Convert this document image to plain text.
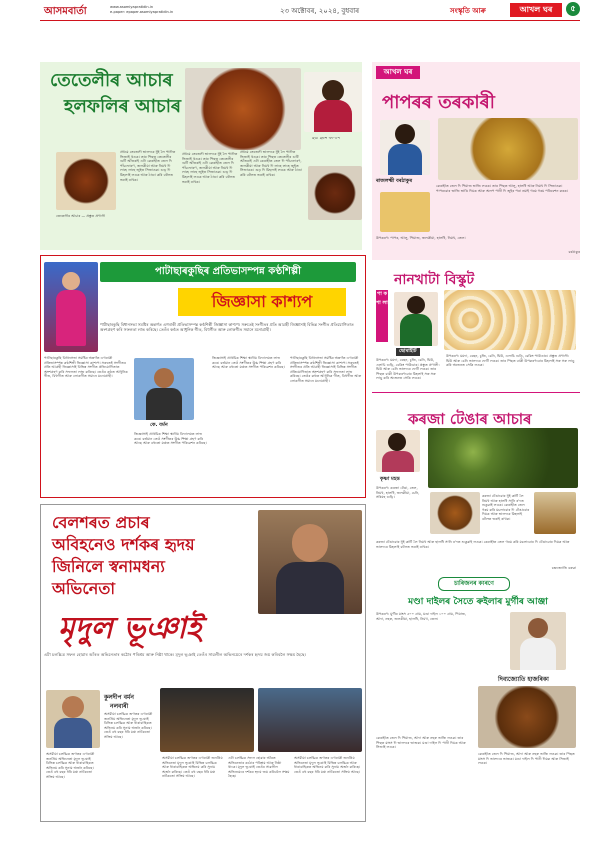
আসমবাৰ্তা	www.asomiyapratidin.in
e-paper: epaper.asomiyapratidin.in	২৩ অক্টোবৰ, ২০২৪, বুধবাৰ	সংস্কৃতি আৰু	আখল ঘৰ	৫
তেতেলীৰ আচাৰ
হলফলিৰ আচাৰ
ইয়া ইমন কাশ্যপ
তেতেলীৰ আচাৰ — প্ৰস্তুত প্ৰণালী
প্ৰথমে তেতেলী ভালদৰে ধুই লৈ পানীত ভিজাই থওক। তাৰ পিছত তেতেলীৰ গুটি আঁতৰাই এটা কেৰাহীত তেল দি পাঁচফোৰণ, জলকীয়া আৰু নিমখ দি লাহে লাহে জুইত সিজাওক। গুড় দি মিহলাই লওক আৰু ঠাণ্ডা কৰি বটলত ভৰাই ৰাখক।
প্ৰথমে তেতেলী ভালদৰে ধুই লৈ পানীত ভিজাই থওক। তাৰ পিছত তেতেলীৰ গুটি আঁতৰাই এটা কেৰাহীত তেল দি পাঁচফোৰণ, জলকীয়া আৰু নিমখ দি লাহে লাহে জুইত সিজাওক। গুড় দি মিহলাই লওক আৰু ঠাণ্ডা কৰি বটলত ভৰাই ৰাখক।
প্ৰথমে তেতেলী ভালদৰে ধুই লৈ পানীত ভিজাই থওক। তাৰ পিছত তেতেলীৰ গুটি আঁতৰাই এটা কেৰাহীত তেল দি পাঁচফোৰণ, জলকীয়া আৰু নিমখ দি লাহে লাহে জুইত সিজাওক। গুড় দি মিহলাই লওক আৰু ঠাণ্ডা কৰি বটলত ভৰাই ৰাখক।
আখল ঘৰ
পাপৰৰ তৰকাৰী
ৰাজলক্ষ্মী বৰঠাকুৰ
উপকৰণ: পাপৰ, আলু, পিঁয়াজ, জলকীয়া, হালধি, নিমখ, তেল।
কেৰাহীত তেল দি পিঁয়াজ ভাজি লওক। তাৰ পিছত আলু, হালধি আৰু নিমখ দি সিজাওক। পাপৰবোৰ ভাজি ভাঙি দিয়ক আৰু অলপ পানী দি জুইৰ পৰা নমাই গৰম গৰম পৰিবেশন কৰক।
বৰঠাকুৰ
পাটাছাৰকুছিৰ প্ৰতিভাসম্পন্ন কণ্ঠশিল্পী
জিজ্ঞাসা কাশ্যপ
পাটাছাৰকুছি বিধানসভা সমষ্টিৰ অন্তৰ্গত এগৰাকী প্ৰতিভাসম্পন্ন কণ্ঠশিল্পী জিজ্ঞাসা কাশ্যপ। সৰুতেই সংগীতৰ প্ৰতি আগ্ৰহী জিজ্ঞাসাই বিভিন্ন সংগীত প্ৰতিযোগিতাত অংশগ্ৰহণ কৰি সফলতা লাভ কৰিছে। তেওঁৰ কণ্ঠত আধুনিক গীত, বিহুগীত আৰু লোকগীত সমানে মনোগ্ৰাহী।
পাটাছাৰকুছি বিধানসভা সমষ্টিৰ অন্তৰ্গত এগৰাকী প্ৰতিভাসম্পন্ন কণ্ঠশিল্পী জিজ্ঞাসা কাশ্যপ। সৰুতেই সংগীতৰ প্ৰতি আগ্ৰহী জিজ্ঞাসাই বিভিন্ন সংগীত প্ৰতিযোগিতাত অংশগ্ৰহণ কৰি সফলতা লাভ কৰিছে। তেওঁৰ কণ্ঠত আধুনিক গীত, বিহুগীত আৰু লোকগীত সমানে মনোগ্ৰাহী।
কে. বৰ্মন
জিজ্ঞাসাই প্ৰাথমিক শিক্ষা স্থানীয় বিদ্যালয়ত লাভ কৰে। বৰ্তমান তেওঁ সংগীতৰ উচ্চ শিক্ষা গ্ৰহণ কৰি আছে আৰু বহুতো মঞ্চত সংগীত পৰিৱেশন কৰিছে।
জিজ্ঞাসাই প্ৰাথমিক শিক্ষা স্থানীয় বিদ্যালয়ত লাভ কৰে। বৰ্তমান তেওঁ সংগীতৰ উচ্চ শিক্ষা গ্ৰহণ কৰি আছে আৰু বহুতো মঞ্চত সংগীত পৰিৱেশন কৰিছে।
পাটাছাৰকুছি বিধানসভা সমষ্টিৰ অন্তৰ্গত এগৰাকী প্ৰতিভাসম্পন্ন কণ্ঠশিল্পী জিজ্ঞাসা কাশ্যপ। সৰুতেই সংগীতৰ প্ৰতি আগ্ৰহী জিজ্ঞাসাই বিভিন্ন সংগীত প্ৰতিযোগিতাত অংশগ্ৰহণ কৰি সফলতা লাভ কৰিছে। তেওঁৰ কণ্ঠত আধুনিক গীত, বিহুগীত আৰু লোকগীত সমানে মনোগ্ৰাহী।
নানখাটা বিস্কুট
পা ক শা লা
ছোমাইটি
উপকৰণ: ময়দা, বেছন, চুজি, চেনি, ঘিউ, এলাচি গুড়ি, বেকিং পাউডাৰ। প্ৰস্তুত প্ৰণালী: ঘিউ আৰু চেনি ভালদৰে ফেটি লওক। তাৰ পিছত বাকী উপকৰণবোৰ মিহলাই সৰু সৰু লাড়ু কৰি অভেনত সেকি লওক।
উপকৰণ: ময়দা, বেছন, চুজি, চেনি, ঘিউ, এলাচি গুড়ি, বেকিং পাউডাৰ। প্ৰস্তুত প্ৰণালী: ঘিউ আৰু চেনি ভালদৰে ফেটি লওক। তাৰ পিছত বাকী উপকৰণবোৰ মিহলাই সৰু সৰু লাড়ু কৰি অভেনত সেকি লওক।
কৰজা টেঙাৰ আচাৰ
কৃষ্ণা মহন্ত
উপকৰণ: কৰজা টেঙা, তেল, নিমখ, হালধি, জলকীয়া, চেনি, সৰিয়হ গুড়ি।	কৰজা টেঙাবোৰ ধুই কাটি লৈ নিমখ আৰু হালধি সানি ৰ'দত শুকুৱাই লওক। কেৰাহীত তেল গৰম কৰি মচলাবোৰ দি টেঙাবোৰ দিয়ক আৰু ভালদৰে মিহলাই বটলত ভৰাই ৰাখক।
কৰজা টেঙাবোৰ ধুই কাটি লৈ নিমখ আৰু হালধি সানি ৰ'দত শুকুৱাই লওক। কেৰাহীত তেল গৰম কৰি মচলাবোৰ দি টেঙাবোৰ দিয়ক আৰু ভালদৰে মিহলাই বটলত ভৰাই ৰাখক।
চন্দ্ৰজ্যোতি বৰুৱা
বেলশৰত প্ৰচাৰ
অবিহনেও দৰ্শকৰ হৃদয়
জিনিলে স্বনামধন্য
অভিনেতা
মৃদুল ভূঞাই
এটা চলচ্চিত্ৰ সফল হোৱাৰ আঁৰত অভিনেতাৰ কঠোৰ পৰিশ্ৰম আৰু নিষ্ঠা থাকে। মৃদুল ভূঞাই তেওঁৰ সাৱলীল অভিনয়েৰে দৰ্শকৰ হৃদয় জয় কৰিবলৈ সক্ষম হৈছে।
কুলদীপ বৰ্মন
নলবাৰী
অসমীয়া চলচ্চিত্ৰ জগতৰ এগৰাকী জনপ্ৰিয় অভিনেতা মৃদুল ভূঞাই বিভিন্ন চলচ্চিত্ৰ আৰু ধাৰাবাহিকত অভিনয় কৰি সুনাম অৰ্জন কৰিছে। তেওঁ বহু বছৰ ধৰি মঞ্চ নাটকতো সক্ৰিয় আছে।
অসমীয়া চলচ্চিত্ৰ জগতৰ এগৰাকী জনপ্ৰিয় অভিনেতা মৃদুল ভূঞাই বিভিন্ন চলচ্চিত্ৰ আৰু ধাৰাবাহিকত অভিনয় কৰি সুনাম অৰ্জন কৰিছে। তেওঁ বহু বছৰ ধৰি মঞ্চ নাটকতো সক্ৰিয় আছে।
অসমীয়া চলচ্চিত্ৰ জগতৰ এগৰাকী জনপ্ৰিয় অভিনেতা মৃদুল ভূঞাই বিভিন্ন চলচ্চিত্ৰ আৰু ধাৰাবাহিকত অভিনয় কৰি সুনাম অৰ্জন কৰিছে। তেওঁ বহু বছৰ ধৰি মঞ্চ নাটকতো সক্ৰিয় আছে।
এটা চলচ্চিত্ৰ সফল হোৱাৰ আঁৰত অভিনেতাৰ কঠোৰ পৰিশ্ৰম আৰু নিষ্ঠা থাকে। মৃদুল ভূঞাই তেওঁৰ সাৱলীল অভিনয়েৰে দৰ্শকৰ হৃদয় জয় কৰিবলৈ সক্ষম হৈছে।
অসমীয়া চলচ্চিত্ৰ জগতৰ এগৰাকী জনপ্ৰিয় অভিনেতা মৃদুল ভূঞাই বিভিন্ন চলচ্চিত্ৰ আৰু ধাৰাবাহিকত অভিনয় কৰি সুনাম অৰ্জন কৰিছে। তেওঁ বহু বছৰ ধৰি মঞ্চ নাটকতো সক্ৰিয় আছে।
চাৰিজনৰ কাৰণে
মণ্ডা দাইলৰ সৈতে ৰুইলাৰ মুৰ্গীৰ আঞ্জা
উপকৰণ: মুৰ্গীৰ মাংস ৫০০ গ্ৰাম, মণ্ডা দাইল ১০০ গ্ৰাম, পিঁয়াজ, আদা, নহৰু, জলকীয়া, হালধি, নিমখ, তেল।
দিব্যজ্যোতি হাজৰিকা
কেৰাহীত তেল দি পিঁয়াজ, আদা আৰু নহৰু ভাজি লওক। তাৰ পিছত মাংস দি ভালদৰে ভাজক। মণ্ডা দাইল দি পানী দিয়ক আৰু সিজাই লওক।
কেৰাহীত তেল দি পিঁয়াজ, আদা আৰু নহৰু ভাজি লওক। তাৰ পিছত মাংস দি ভালদৰে ভাজক। মণ্ডা দাইল দি পানী দিয়ক আৰু সিজাই লওক।
